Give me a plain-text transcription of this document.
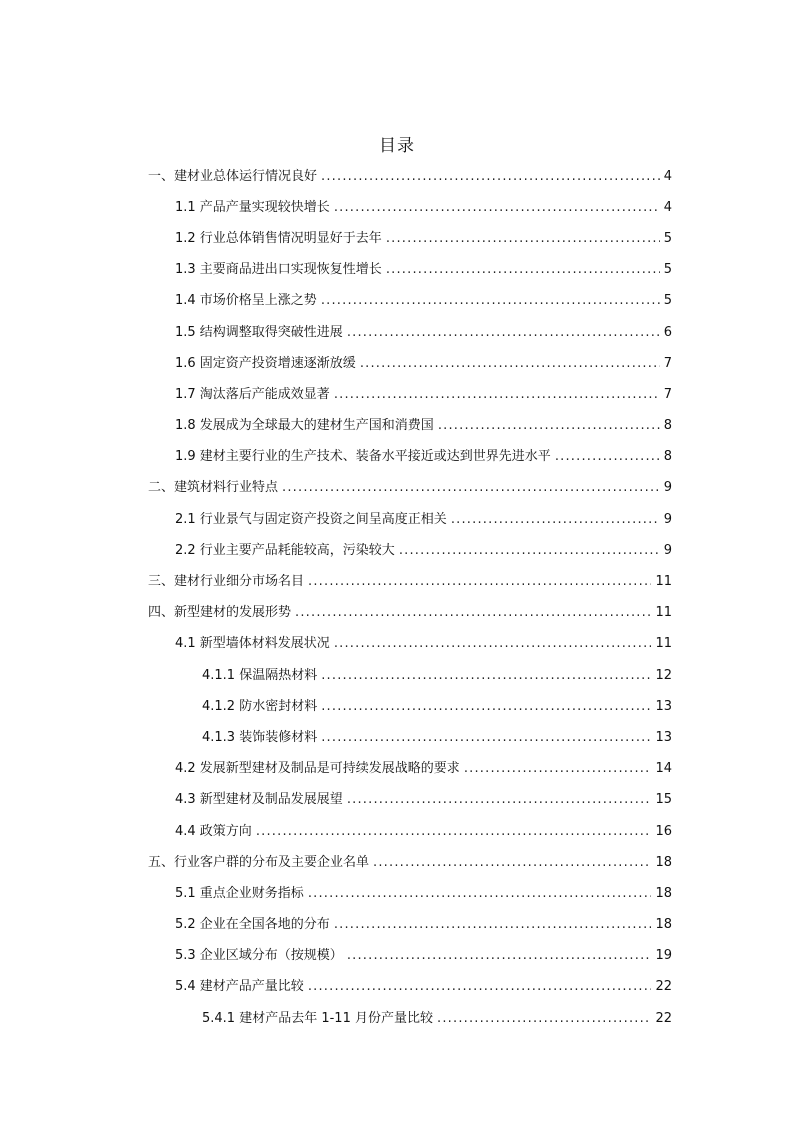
目录
一、建材业总体运行情况良好 .....	4
1.1 产品产量实现较快增长 .....	4
1.2 行业总体销售情况明显好于去年 .....	5
1.3 主要商品进出口实现恢复性增长 .....	5
1.4 市场价格呈上涨之势 .....	5
1.5 结构调整取得突破性进展 .....	6
1.6 固定资产投资增速逐渐放缓 .....	7
1.7 淘汰落后产能成效显著 .....	7
1.8 发展成为全球最大的建材生产国和消费国 .....	8
1.9 建材主要行业的生产技术、装备水平接近或达到世界先进水平 .....	8
二、建筑材料行业特点 .....	9
2.1 行业景气与固定资产投资之间呈高度正相关 .....	9
2.2 行业主要产品耗能较高，污染较大 .....	9
三、建材行业细分市场名目 .....	11
四、新型建材的发展形势 .....	11
4.1 新型墙体材料发展状况 .....	11
4.1.1 保温隔热材料 .....	12
4.1.2 防水密封材料 .....	13
4.1.3 装饰装修材料 .....	13
4.2 发展新型建材及制品是可持续发展战略的要求 .....	14
4.3 新型建材及制品发展展望 .....	15
4.4 政策方向 .....	16
五、行业客户群的分布及主要企业名单 .....	18
5.1 重点企业财务指标 .....	18
5.2 企业在全国各地的分布 .....	18
5.3 企业区域分布（按规模） .....	19
5.4 建材产品产量比较 .....	22
5.4.1 建材产品去年 1-11 月份产量比较 .....	22
